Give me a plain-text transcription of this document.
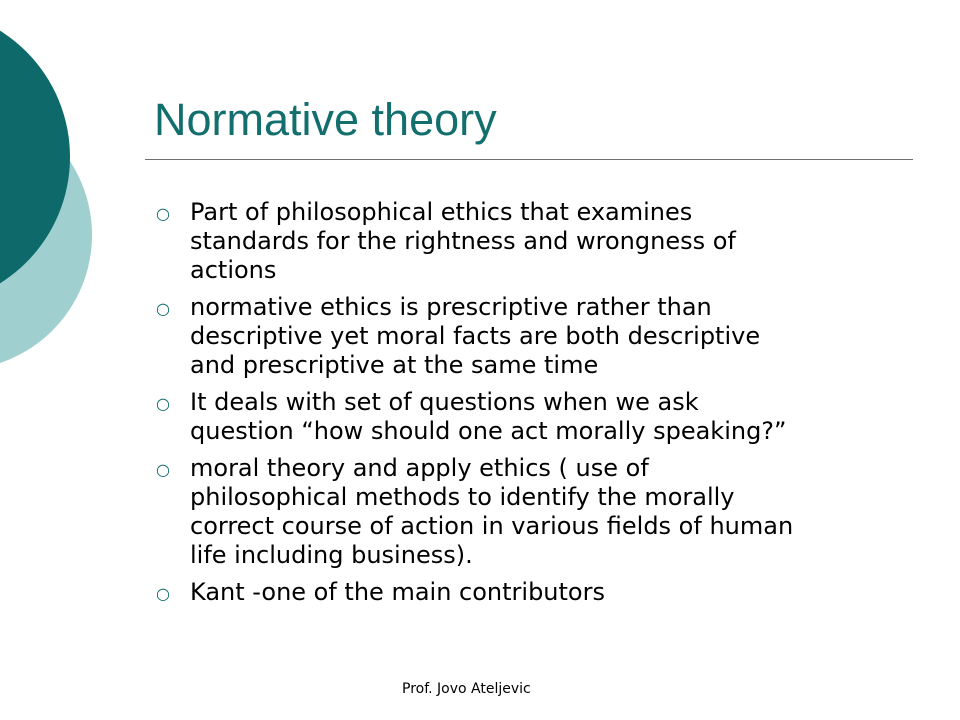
Normative theory
○ Part of philosophical ethics that examines
standards for the rightness and wrongness of
actions
○ normative ethics is prescriptive rather than
descriptive yet moral facts are both descriptive
and prescriptive at the same time
○ It deals with set of questions when we ask
question “how should one act morally speaking?”
○ moral theory and apply ethics ( use of
philosophical methods to identify the morally
correct course of action in various fields of human
life including business).
○ Kant -one of the main contributors
Prof. Jovo Ateljevic
